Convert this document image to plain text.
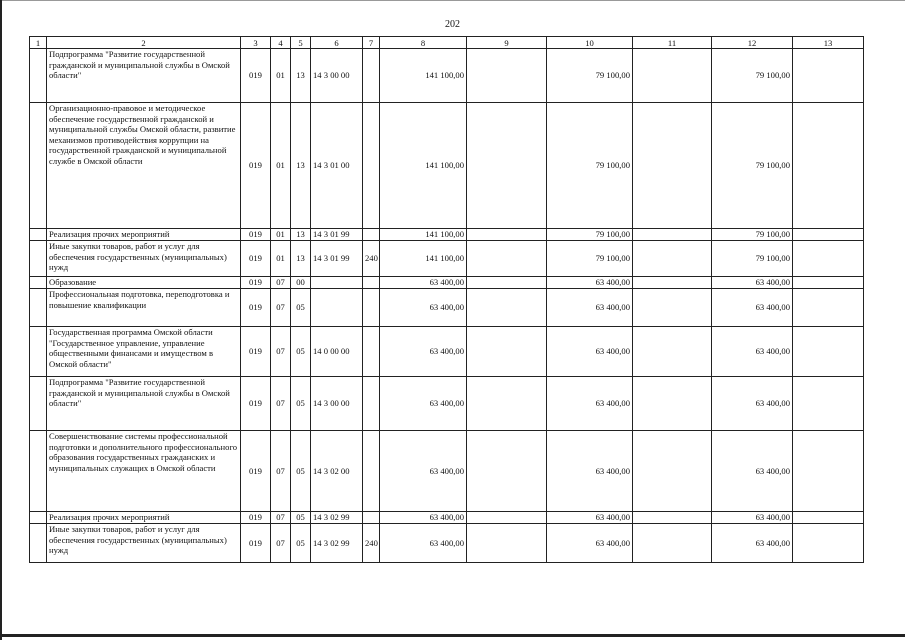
202
1	2	3	4	5	6	7	8	9	10	11	12	13
	Подпрограмма "Развитие государственной гражданской и муниципальной службы в Омской области"	019	01	13	14 3 00 00		141 100,00		79 100,00		79 100,00	
	Организационно-правовое и методическое обеспечение государственной гражданской и муниципальной службы Омской области, развитие механизмов противодействия коррупции на государственной гражданской и муниципальной службе в Омской области	019	01	13	14 3 01 00		141 100,00		79 100,00		79 100,00	
	Реализация прочих мероприятий	019	01	13	14 3 01 99		141 100,00		79 100,00		79 100,00	
	Иные закупки товаров, работ и услуг для обеспечения государственных (муниципальных) нужд	019	01	13	14 3 01 99	240	141 100,00		79 100,00		79 100,00	
	Образование	019	07	00			63 400,00		63 400,00		63 400,00	
	Профессиональная подготовка, переподготовка и повышение квалификации	019	07	05			63 400,00		63 400,00		63 400,00	
	Государственная программа Омской области "Государственное управление, управление общественными финансами и имуществом в Омской области"	019	07	05	14 0 00 00		63 400,00		63 400,00		63 400,00	
	Подпрограмма "Развитие государственной гражданской и муниципальной службы в Омской области"	019	07	05	14 3 00 00		63 400,00		63 400,00		63 400,00	
	Совершенствование системы профессиональной подготовки и дополнительного профессионального образования государственных гражданских и муниципальных служащих в Омской области	019	07	05	14 3 02 00		63 400,00		63 400,00		63 400,00	
	Реализация прочих мероприятий	019	07	05	14 3 02 99		63 400,00		63 400,00		63 400,00	
	Иные закупки товаров, работ и услуг для обеспечения государственных (муниципальных) нужд	019	07	05	14 3 02 99	240	63 400,00		63 400,00		63 400,00	
